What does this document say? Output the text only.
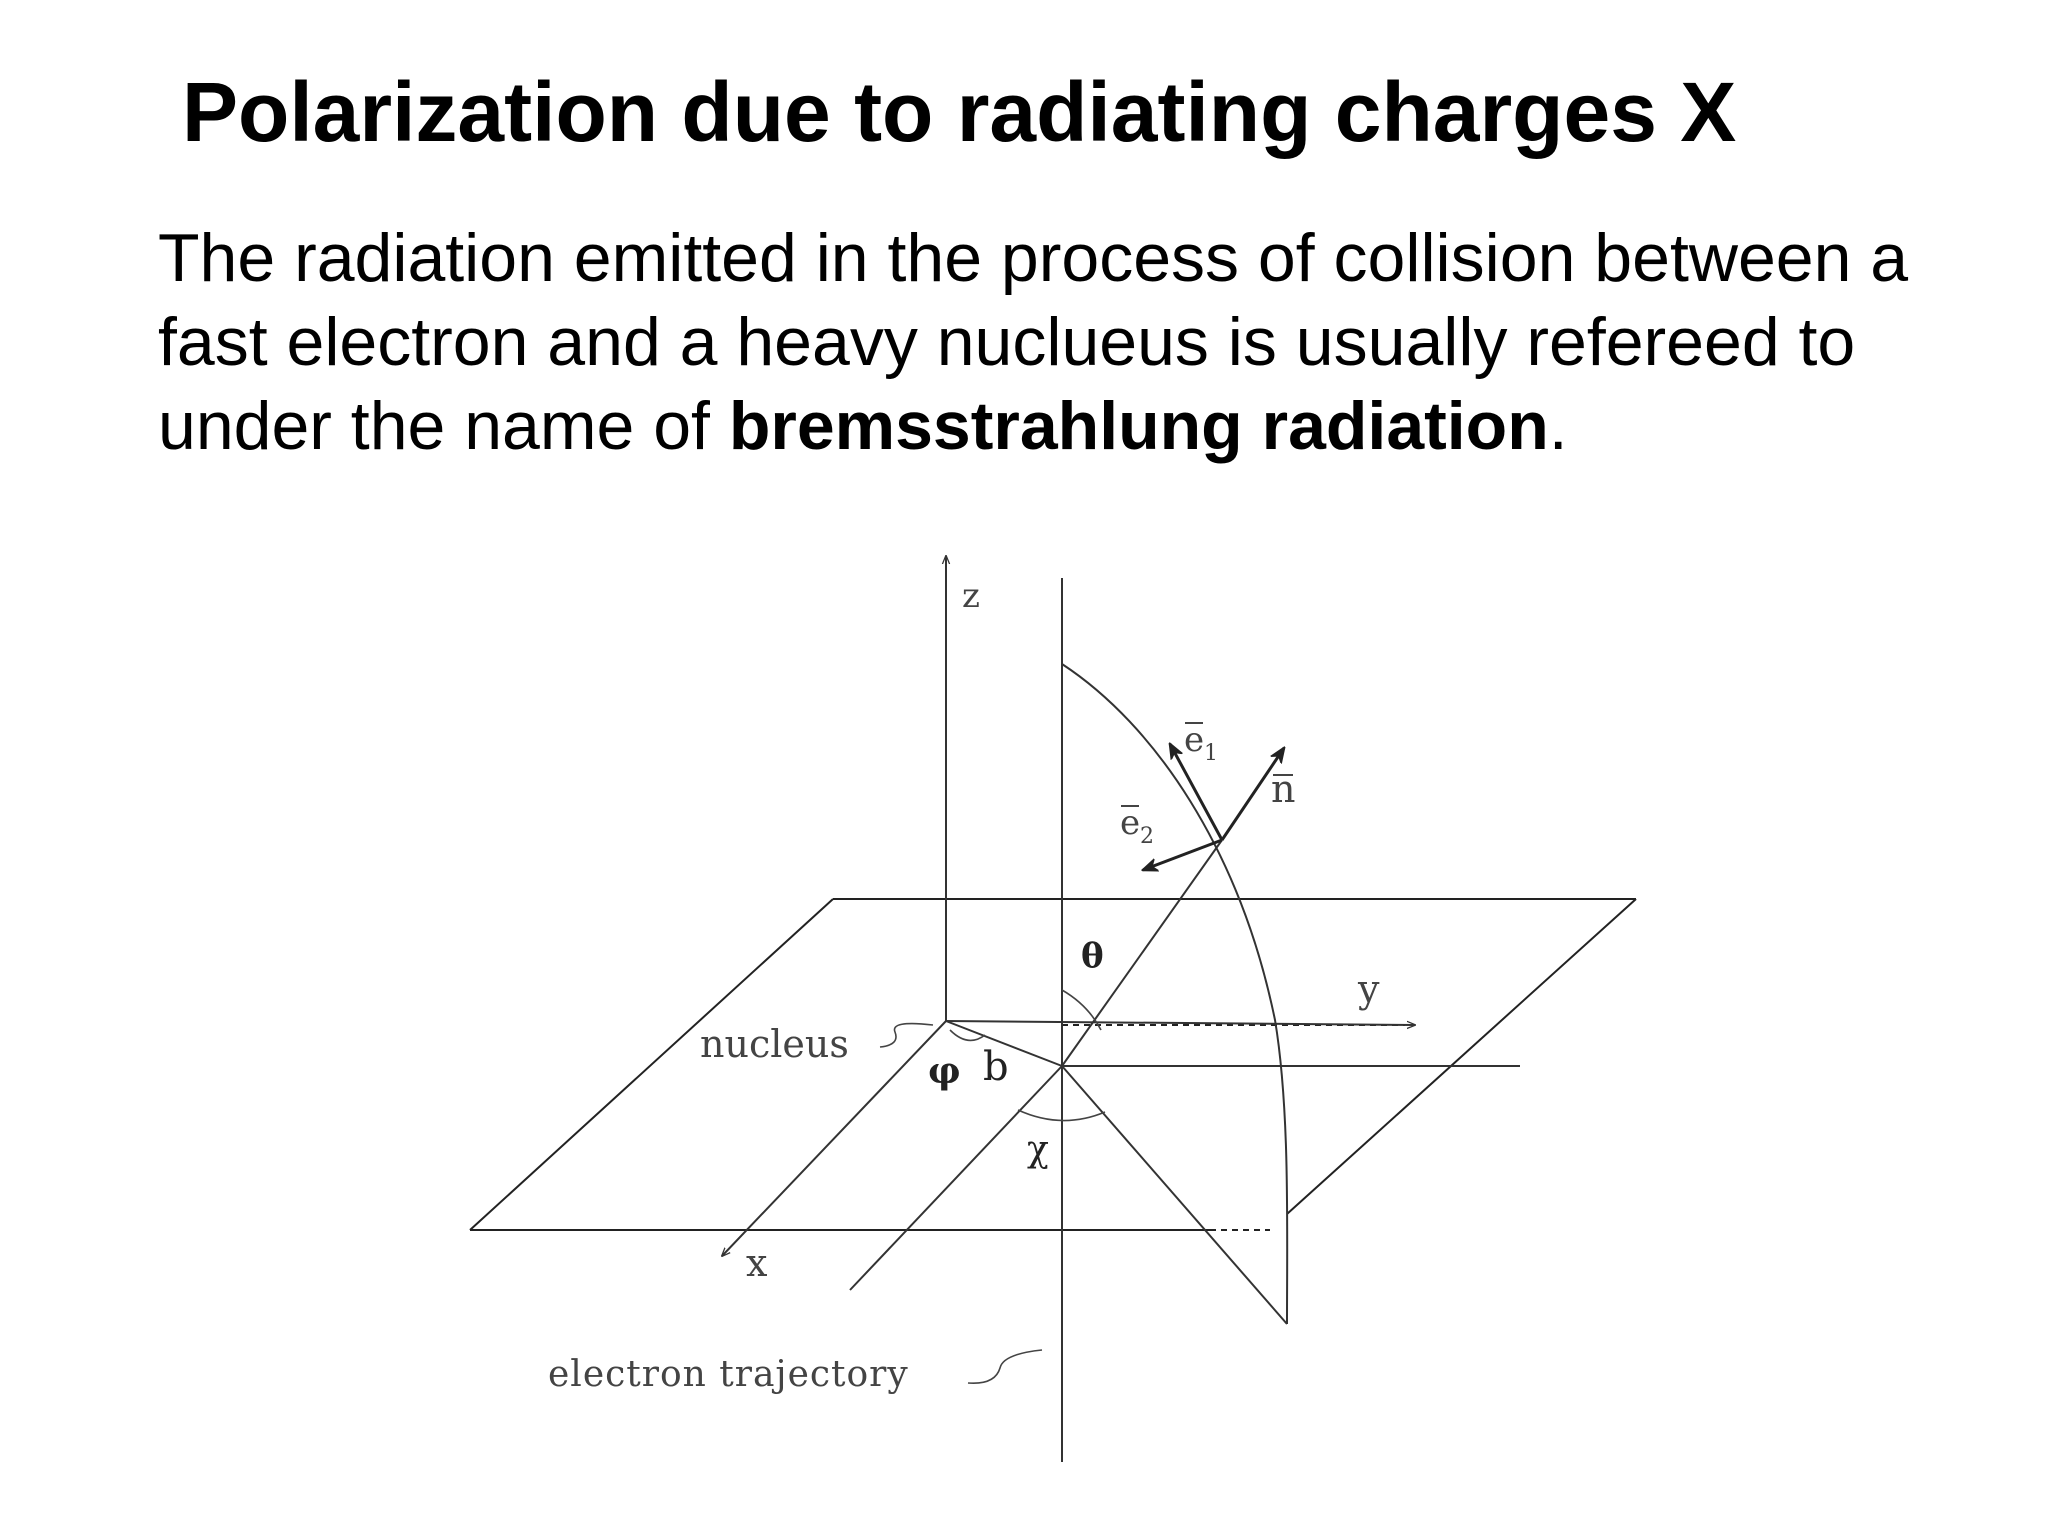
Polarization due to radiating charges X

The radiation emitted in the process of collision between a fast electron and a heavy nuclueus is usually refereed to under the name of bremsstrahlung radiation.

z
y
x
θ
φ b
χ
e 1
e 2
n
nucleus
electron trajectory
